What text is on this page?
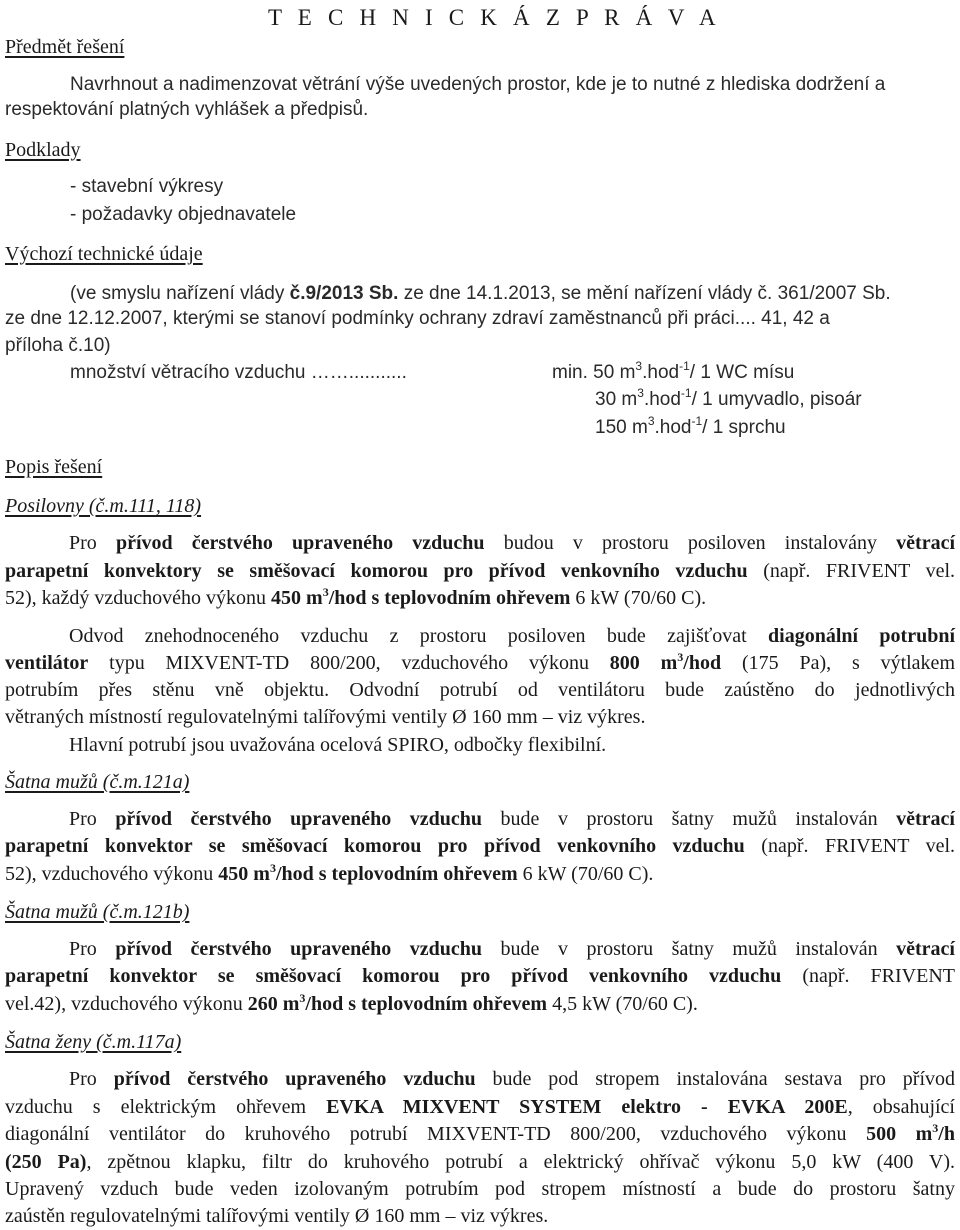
Předmět řešení
T E C H N I C K Á Z P R Á V A
Navrhnout a nadimenzovat větrání výše uvedených prostor, kde je to nutné z hlediska dodržení a
respektování platných vyhlášek a předpisů.
Podklady
- stavební výkresy
- požadavky objednavatele
Výchozí technické údaje
(ve smyslu nařízení vlády č.9/2013 Sb. ze dne 14.1.2013, se mění nařízení vlády č. 361/2007 Sb.
ze dne 12.12.2007, kterými se stanoví podmínky ochrany zdraví zaměstnanců při práci.... 41, 42 a
příloha č.10)
množství větracího vzduchu ……...........	min. 50 $m^3.hod^{-1}/$ 1 WC mísu
30 $m^3.hod^{-1}/$ 1 umyvadlo, pisoár
150 $m^3.hod^{-1}/$ 1 sprchu
Popis řešení
Posilovny (č.m.111, 118)
Pro přívod čerstvého upraveného vzduchu budou v prostoru posiloven instalovány větrací
parapetní konvektory se směšovací komorou pro přívod venkovního vzduchu (např. FRIVENT vel.
52), každý vzduchového výkonu 450 $m^3$/hod s teplovodním ohřevem 6 kW (70/60 C).
Odvod znehodnoceného vzduchu z prostoru posiloven bude zajišťovat diagonální potrubní
ventilátor typu MIXVENT-TD 800/200, vzduchového výkonu 800 $m^3$/hod (175 Pa), s výtlakem
potrubím přes stěnu vně objektu. Odvodní potrubí od ventilátoru bude zaústěno do jednotlivých
větraných místností regulovatelnými talířovými ventily Ø 160 mm – viz výkres.
Hlavní potrubí jsou uvažována ocelová SPIRO, odbočky flexibilní.
Šatna mužů (č.m.121a)
Pro přívod čerstvého upraveného vzduchu bude v prostoru šatny mužů instalován větrací
parapetní konvektor se směšovací komorou pro přívod venkovního vzduchu (např. FRIVENT vel.
52), vzduchového výkonu 450 $m^3$/hod s teplovodním ohřevem 6 kW (70/60 C).
Šatna mužů (č.m.121b)
Pro přívod čerstvého upraveného vzduchu bude v prostoru šatny mužů instalován větrací
parapetní konvektor se směšovací komorou pro přívod venkovního vzduchu (např. FRIVENT
vel.42), vzduchového výkonu 260 $m^3$/hod s teplovodním ohřevem 4,5 kW (70/60 C).
Šatna ženy (č.m.117a)
Pro přívod čerstvého upraveného vzduchu bude pod stropem instalována sestava pro přívod
vzduchu s elektrickým ohřevem EVKA MIXVENT SYSTEM elektro - EVKA 200E, obsahující
diagonální ventilátor do kruhového potrubí MIXVENT-TD 800/200, vzduchového výkonu 500 $m^3/h$
(250 Pa), zpětnou klapku, filtr do kruhového potrubí a elektrický ohřívač výkonu 5,0 kW (400 V).
Upravený vzduch bude veden izolovaným potrubím pod stropem místností a bude do prostoru šatny
zaústěn regulovatelnými talířovými ventily Ø 160 mm – viz výkres.
